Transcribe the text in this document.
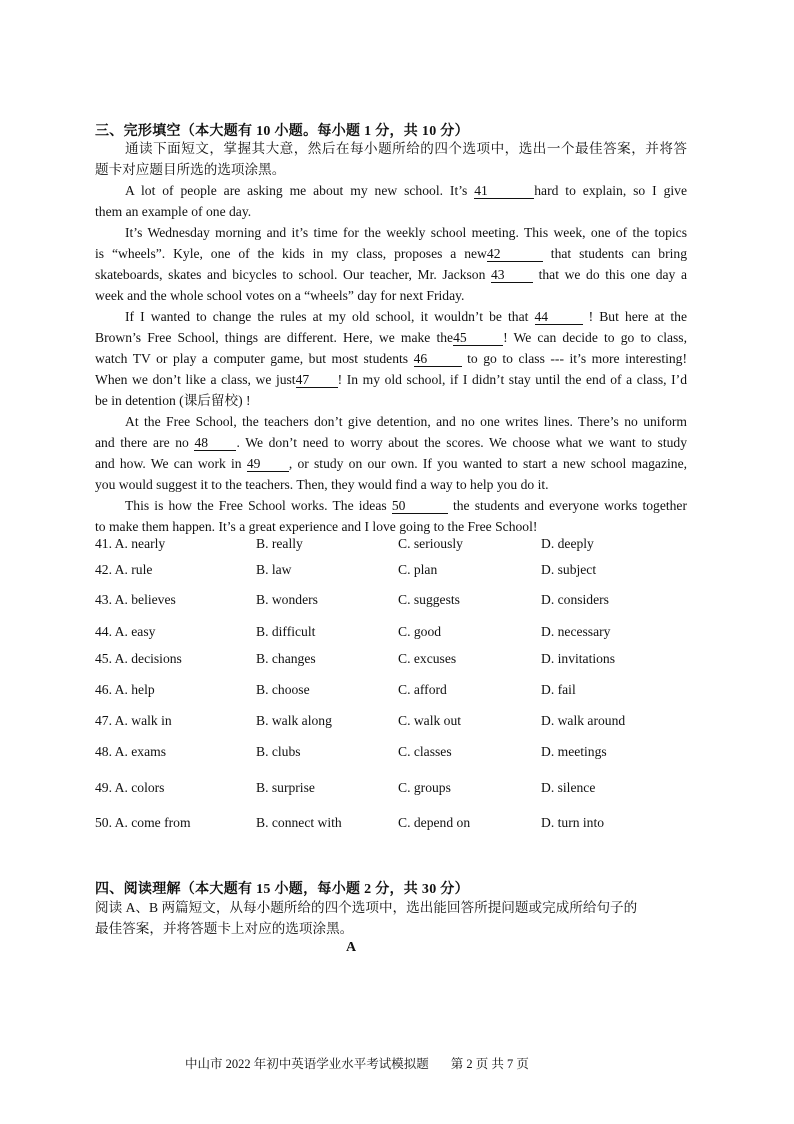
三、完形填空（本大题有 10 小题。每小题 1 分，共 10 分）
通读下面短文，掌握其大意，然后在每小题所给的四个选项中，选出一个最佳答案，并将答
题卡对应题目所选的选项涂黑。
A lot of people are asking me about my new school. It’s 41	hard to explain, so I give
them an example of one day.
It’s Wednesday morning and it’s time for the weekly school meeting. This week, one of the topics
is “wheels”. Kyle, one of the kids in my class, proposes a new42	that students can bring
skateboards, skates and bicycles to school. Our teacher, Mr. Jackson 43	that we do this one day a
week and the whole school votes on a “wheels” day for next Friday.
If I wanted to change the rules at my old school, it wouldn’t be that 44	! But here at the
Brown’s Free School, things are different. Here, we make the45	! We can decide to go to class,
watch TV or play a computer game, but most students 46	to go to class --- it’s more interesting!
When we don’t like a class, we just47 ! In my old school, if I didn’t stay until the end of a class, I’d
be in detention (课后留校) !
At the Free School, the teachers don’t give detention, and no one writes lines. There’s no uniform
and there are no 48 . We don’t need to worry about the scores. We choose what we want to study
and how. We can work in 49 , or study on our own. If you wanted to start a new school magazine,
you would suggest it to the teachers. Then, they would find a way to help you do it.
This is how the Free School works. The ideas 50	the students and everyone works together
to make them happen. It’s a great experience and I love going to the Free School!
41. A. nearly	B. really	C. seriously	D. deeply
42. A. rule	B. law	C. plan	D. subject
43. A. believes	B. wonders	C. suggests	D. considers
44. A. easy	B. difficult	C. good	D. necessary
45. A. decisions	B. changes	C. excuses	D. invitations
46. A. help	B. choose	C. afford	D. fail
47. A. walk in	B. walk along	C. walk out	D. walk around
48. A. exams	B. clubs	C. classes	D. meetings
49. A. colors	B. surprise	C. groups	D. silence
50. A. come from	B. connect with	C. depend on	D. turn into
四、阅读理解（本大题有 15 小题，每小题 2 分，共 30 分）
阅读 A、B 两篇短文，从每小题所给的四个选项中，选出能回答所提问题或完成所给句子的
最佳答案，并将答题卡上对应的选项涂黑。
A
中山市 2022 年初中英语学业水平考试模拟题 第 2 页 共 7 页
